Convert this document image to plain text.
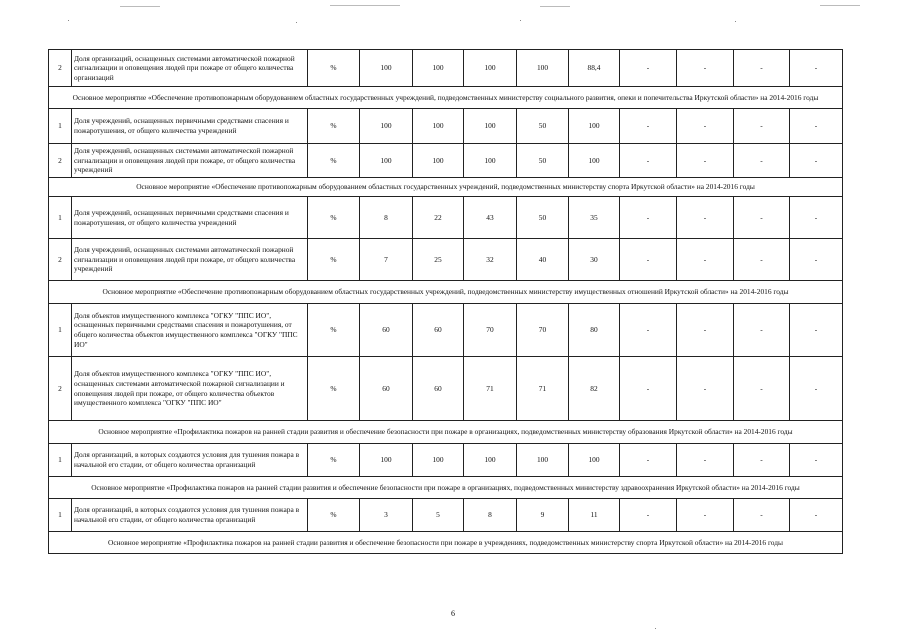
2	Доля организаций, оснащенных системами автоматической пожарной сигнализации и оповещения людей при пожаре от общего количества организаций	%	100	100	100	100	88,4	-	-	-	-
Основное мероприятие «Обеспечение противопожарным оборудованием областных государственных учреждений, подведомственных министерству социального развития, опеки и попечительства Иркутской области» на 2014-2016 годы											
1	Доля учреждений, оснащенных первичными средствами спасения и пожаротушения, от общего количества учреждений	%	100	100	100	50	100	-	-	-	-
2	Доля учреждений, оснащенных системами автоматической пожарной сигнализации и оповещения людей при пожаре, от общего количества учреждений	%	100	100	100	50	100	-	-	-	-
Основное мероприятие «Обеспечение противопожарным оборудованием областных государственных учреждений, подведомственных министерству спорта Иркутской области» на 2014-2016 годы											
1	Доля учреждений, оснащенных первичными средствами спасения и пожаротушения, от общего количества учреждений	%	8	22	43	50	35	-	-	-	-
2	Доля учреждений, оснащенных системами автоматической пожарной сигнализации и оповещения людей при пожаре, от общего количества учреждений	%	7	25	32	40	30	-	-	-	-
Основное мероприятие «Обеспечение противопожарным оборудованием областных государственных учреждений, подведомственных министерству имущественных отношений Иркутской области» на 2014-2016 годы											
1	Доля объектов имущественного комплекса "ОГКУ "ППС ИО", оснащенных первичными средствами спасения и пожаротушения, от общего количества объектов имущественного комплекса "ОГКУ "ППС ИО"	%	60	60	70	70	80	-	-	-	-
2	Доля объектов имущественного комплекса "ОГКУ "ППС ИО", оснащенных системами автоматической пожарной сигнализации и оповещения людей при пожаре, от общего количества объектов имущественного комплекса "ОГКУ "ППС ИО"	%	60	60	71	71	82	-	-	-	-
Основное мероприятие «Профилактика пожаров на ранней стадии развития и обеспечение безопасности при пожаре в организациях, подведомственных министерству образования Иркутской области» на 2014-2016 годы											
1	Доля организаций, в которых создаются условия для тушения пожара в начальной его стадии, от общего количества организаций	%	100	100	100	100	100	-	-	-	-
Основное мероприятие «Профилактика пожаров на ранней стадии развития и обеспечение безопасности при пожаре в организациях, подведомственных министерству здравоохранения Иркутской области» на 2014-2016 годы											
1	Доля организаций, в которых создаются условия для тушения пожара в начальной его стадии, от общего количества организаций	%	3	5	8	9	11	-	-	-	-
Основное мероприятие «Профилактика пожаров на ранней стадии развития и обеспечение безопасности при пожаре в учреждениях, подведомственных министерству спорта Иркутской области» на 2014-2016 годы											
6
